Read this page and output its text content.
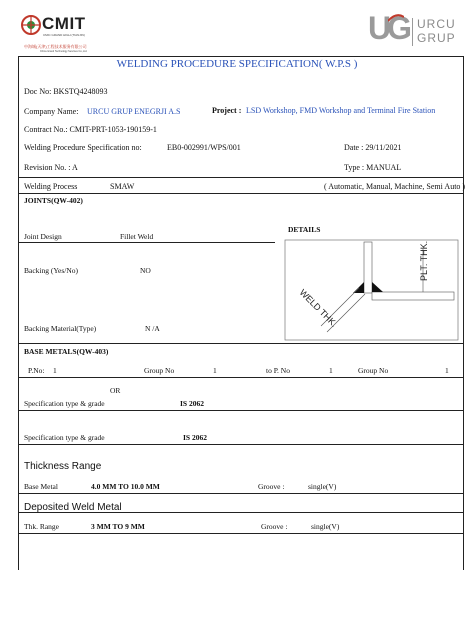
CMIT
CMIC GRAND HIGH (TIANJIN)
中海城(天津)工程技术服务有限公司
China Grand Technology Services Co.,Ltd.
UG URCU
GRUP
WELDING PROCEDURE SPECIFICATION( W.P.S )
Doc No: BKSTQ4248093
Company Name: URCU GRUP ENEGRJI A.S	Project : LSD Workshop, FMD Workshop and Terminal Fire Station
Contract No.: CMIT-PRT-1053-190159-1
Welding Procedure Specification no:	EB0-002991/WPS/001	Date : 29/11/2021
Revision No. : A	Type : MANUAL
Welding Process	SMAW	( Automatic, Manual, Machine, Semi Auto )
JOINTS(QW-402)
Joint Design	Fillet Weld
DETAILS
Backing (Yes/No)	NO
Backing Material(Type)	N /A	WELD THK.
PLT. THK.
BASE METALS(QW-403)
P.No: 1	Group No	1	to P. No	1	Group No	1
OR
Specification type & grade	IS 2062
Specification type & grade	IS 2062
Thickness Range
Base Metal	4.0 MM TO 10.0 MM	Groove :	single(V)
Deposited Weld Metal
Thk. Range	3 MM TO 9 MM	Groove :	single(V)
